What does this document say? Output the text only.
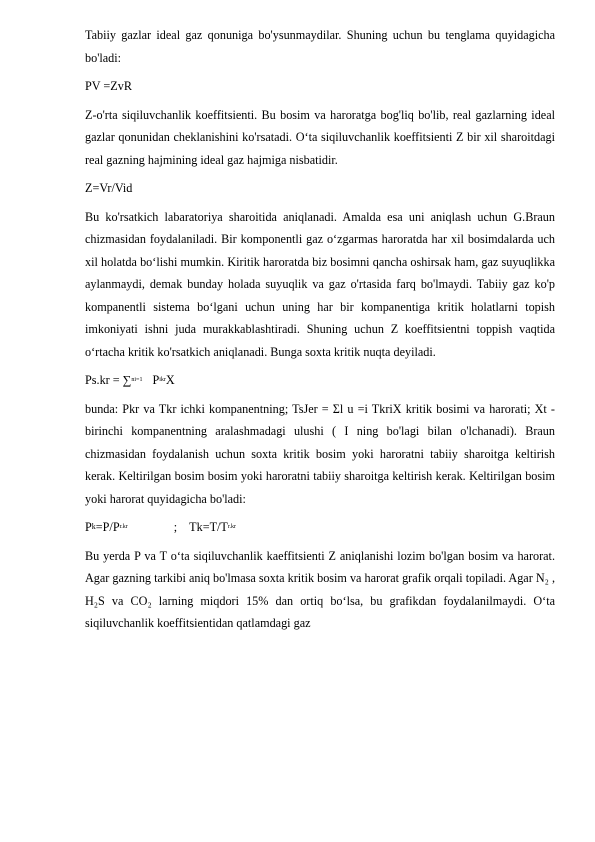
Tabiiy gazlar ideal gaz qonuniga bo'ysunmaydilar. Shuning uchun bu tenglama quyidagicha bo'ladi:

PV =ZvR

Z-o'rta siqiluvchanlik koeffitsienti. Bu bosim va haroratga bog'liq bo'lib, real gazlarning ideal gazlar qonunidan cheklanishini ko'rsatadi. O‘ta siqiluvchanlik koeffitsienti Z bir xil sharoitdagi real gazning hajmining ideal gaz hajmiga nisbatidir.

Z=Vr/Vid

Bu ko'rsatkich labaratoriya sharoitida aniqlanadi. Amalda esa uni aniqlash uchun G.Braun chizmasidan foydalaniladi. Bir komponentli gaz o‘zgarmas haroratda har xil bosimdalarda uch xil holatda bo‘lishi mumkin. Kiritik haroratda biz bosimni qancha oshirsak ham, gaz suyuqlikka aylanmaydi, demak bunday holada suyuqlik va gaz o'rtasida farq bo'lmaydi. Tabiiy gaz ko'p kompanentli sistema bo‘lgani uchun uning har bir kompanentiga kritik holatlarni topish imkoniyati ishni juda murakkablashtiradi. Shuning uchun Z koeffitsientni toppish vaqtida o‘rtacha kritik ko'rsatkich aniqlanadi. Bunga soxta kritik nuqta deyiladi.

Ps.kr = ∑ n i=1 P ikr X

bunda: Pkr va Tkr ichki kompanentning; TsJer = Σl u =i TkriX kritik bosimi va harorati; Xt - birinchi kompanentning aralashmadagi ulushi ( I ning bo'lagi bilan o'lchanadi). Braun chizmasidan foydalanish uchun soxta kritik bosim yoki haroratni tabiiy sharoitga keltirish kerak. Keltirilgan bosim bosim yoki haroratni tabiiy sharoitga keltirish kerak. Keltirilgan bosim yoki harorat quyidagicha bo'ladi:

P k =P/P r.kr	; Tk=T/T r.kr

Bu yerda P va T o‘ta siqiluvchanlik kaeffitsienti Z aniqlanishi lozim bo'lgan bosim va harorat. Agar gazning tarkibi aniq bo'lmasa soxta kritik bosim va harorat grafik orqali topiladi. Agar N₂ , H₂S va CO₂ larning miqdori 15% dan ortiq bo‘lsa, bu grafikdan foydalanilmaydi. O‘ta siqiluvchanlik koeffitsientidan qatlamdagi gaz
